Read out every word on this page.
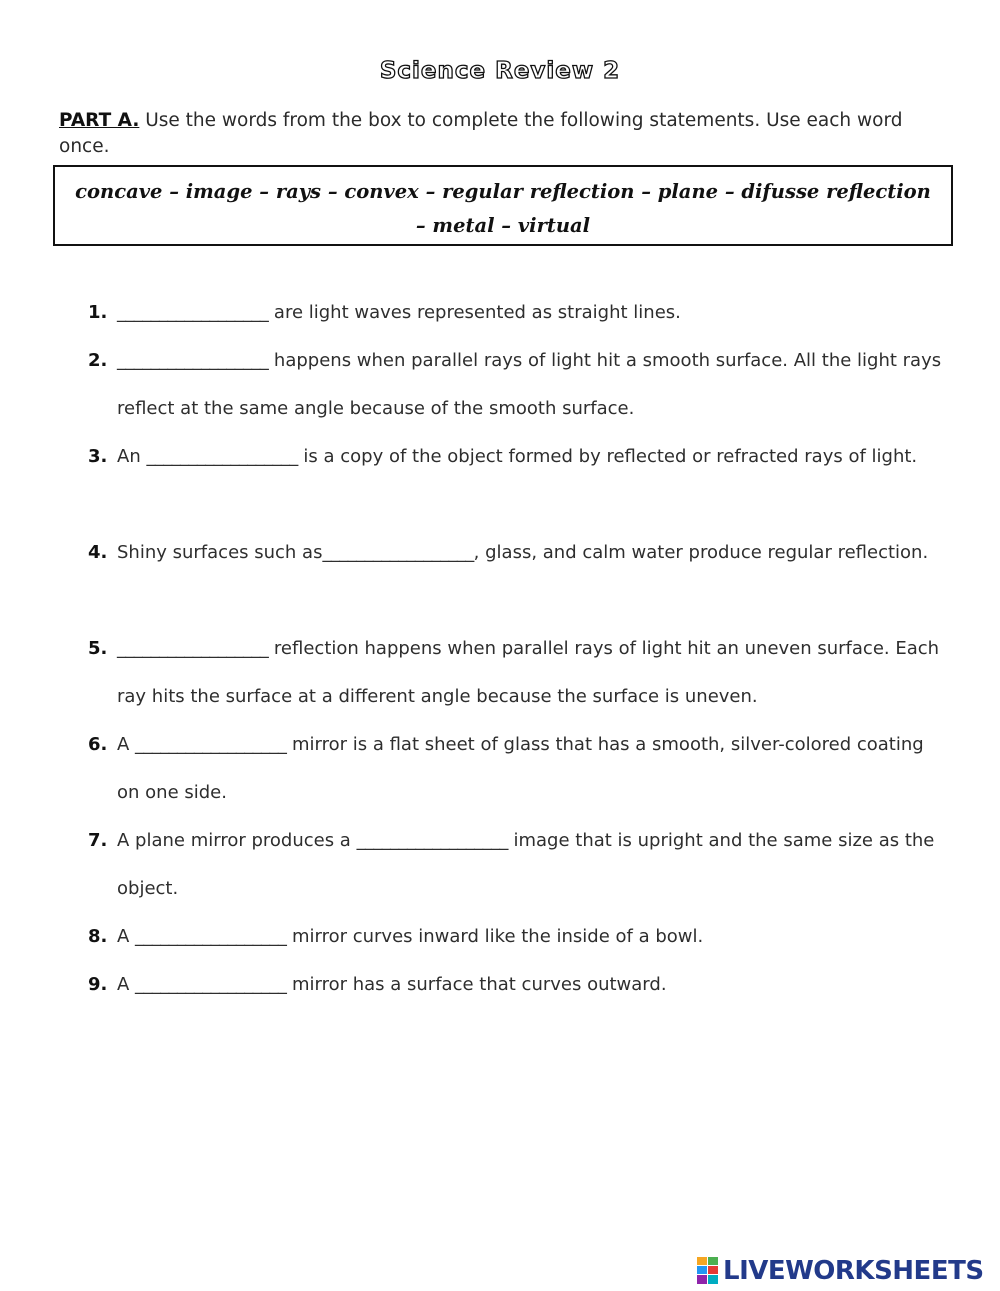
Science Review 2
PART A. Use the words from the box to complete the following statements. Use each word once.
concave – image – rays – convex – regular reflection – plane – difusse reflection – metal – virtual
1. __________________ are light waves represented as straight lines.
2. __________________ happens when parallel rays of light hit a smooth surface. All the light rays reflect at the same angle because of the smooth surface.
3. An __________________ is a copy of the object formed by reflected or refracted rays of light.
4. Shiny surfaces such as__________________, glass, and calm water produce regular reflection.
5. __________________ reflection happens when parallel rays of light hit an uneven surface. Each ray hits the surface at a different angle because the surface is uneven.
6. A __________________ mirror is a flat sheet of glass that has a smooth, silver-colored coating on one side.
7. A plane mirror produces a __________________ image that is upright and the same size as the object.
8. A __________________ mirror curves inward like the inside of a bowl.
9. A __________________ mirror has a surface that curves outward.
LIVEWORKSHEETS
